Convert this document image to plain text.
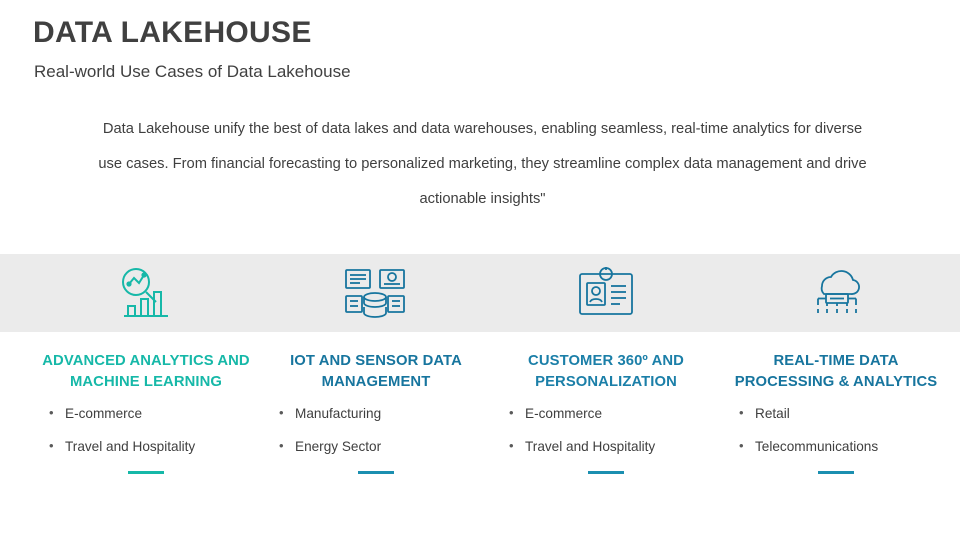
DATA LAKEHOUSE
Real-world Use Cases of Data Lakehouse
Data Lakehouse unify the best of data lakes and data warehouses, enabling seamless, real-time analytics for diverse use cases. From financial forecasting to personalized marketing, they streamline complex data management and drive actionable insights"
ADVANCED ANALYTICS AND MACHINE LEARNING
• E-commerce
• Travel and Hospitality
IOT AND SENSOR DATA MANAGEMENT
• Manufacturing
• Energy Sector
CUSTOMER 360º AND PERSONALIZATION
• E-commerce
• Travel and Hospitality
REAL-TIME DATA PROCESSING & ANALYTICS
• Retail
• Telecommunications
